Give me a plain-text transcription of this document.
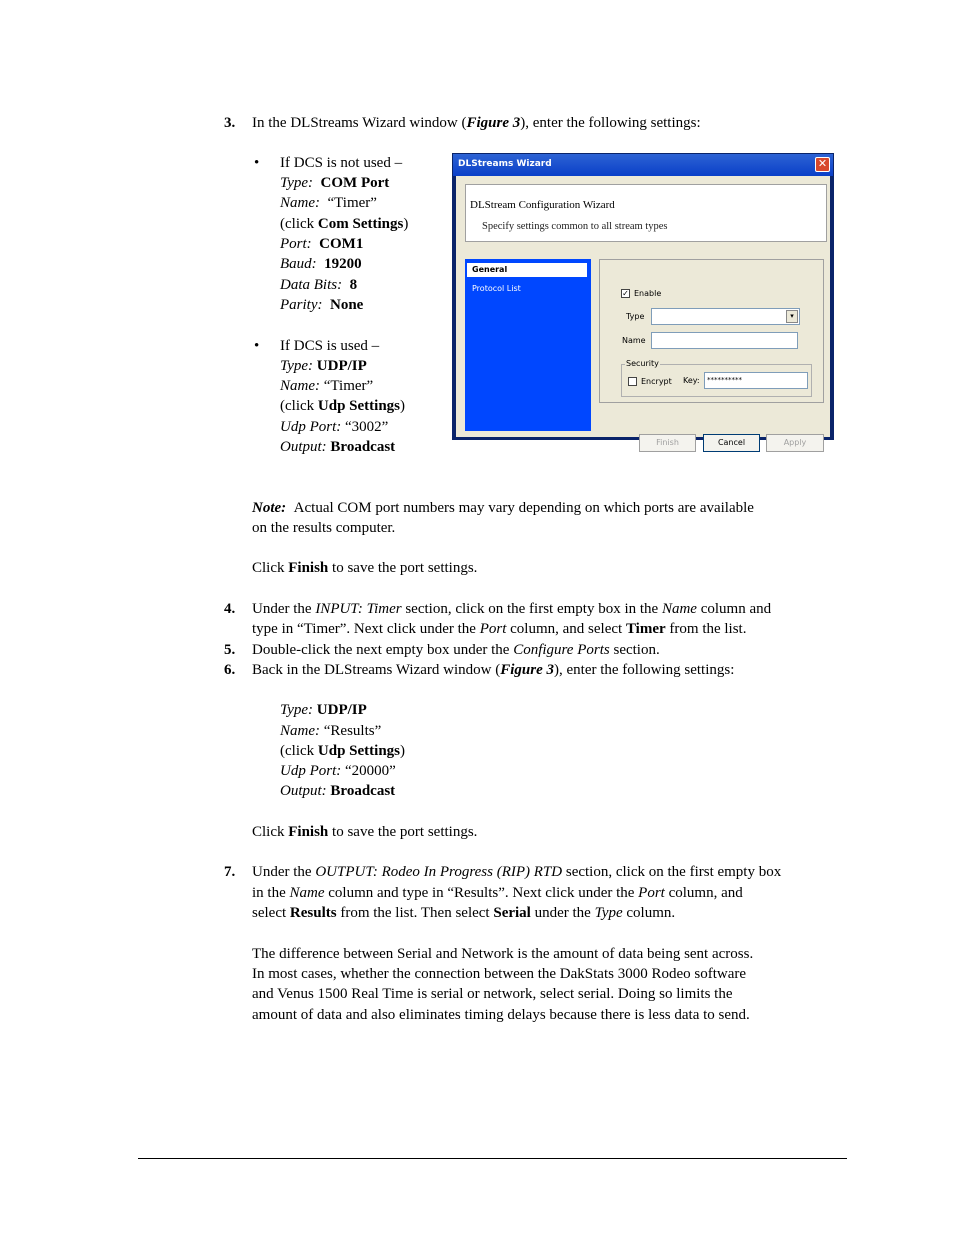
3. In the DLStreams Wizard window (Figure 3), enter the following settings:
• If DCS is not used –
Type: COM Port
Name: “Timer”
(click Com Settings)
Port: COM1
Baud: 19200
Data Bits: 8
Parity: None
• If DCS is used –
Type: UDP/IP
Name: “Timer”
(click Udp Settings)
Udp Port: “3002”
Output: Broadcast
DLStreams Wizard	✕
DLStream Configuration Wizard
Specify settings common to all stream types
General
Protocol List
✓ Enable
Type	▾
Name
Security
Encrypt Key: **********
Finish	Cancel	Apply
Note: Actual COM port numbers may vary depending on which ports are available
on the results computer.
Click Finish to save the port settings.
4. Under the INPUT: Timer section, click on the first empty box in the Name column and
type in “Timer”. Next click under the Port column, and select Timer from the list.
5. Double-click the next empty box under the Configure Ports section.
6. Back in the DLStreams Wizard window (Figure 3), enter the following settings:
Type: UDP/IP
Name: “Results”
(click Udp Settings)
Udp Port: “20000”
Output: Broadcast
Click Finish to save the port settings.
7. Under the OUTPUT: Rodeo In Progress (RIP) RTD section, click on the first empty box
in the Name column and type in “Results”. Next click under the Port column, and
select Results from the list. Then select Serial under the Type column.
The difference between Serial and Network is the amount of data being sent across.
In most cases, whether the connection between the DakStats 3000 Rodeo software
and Venus 1500 Real Time is serial or network, select serial. Doing so limits the
amount of data and also eliminates timing delays because there is less data to send.
